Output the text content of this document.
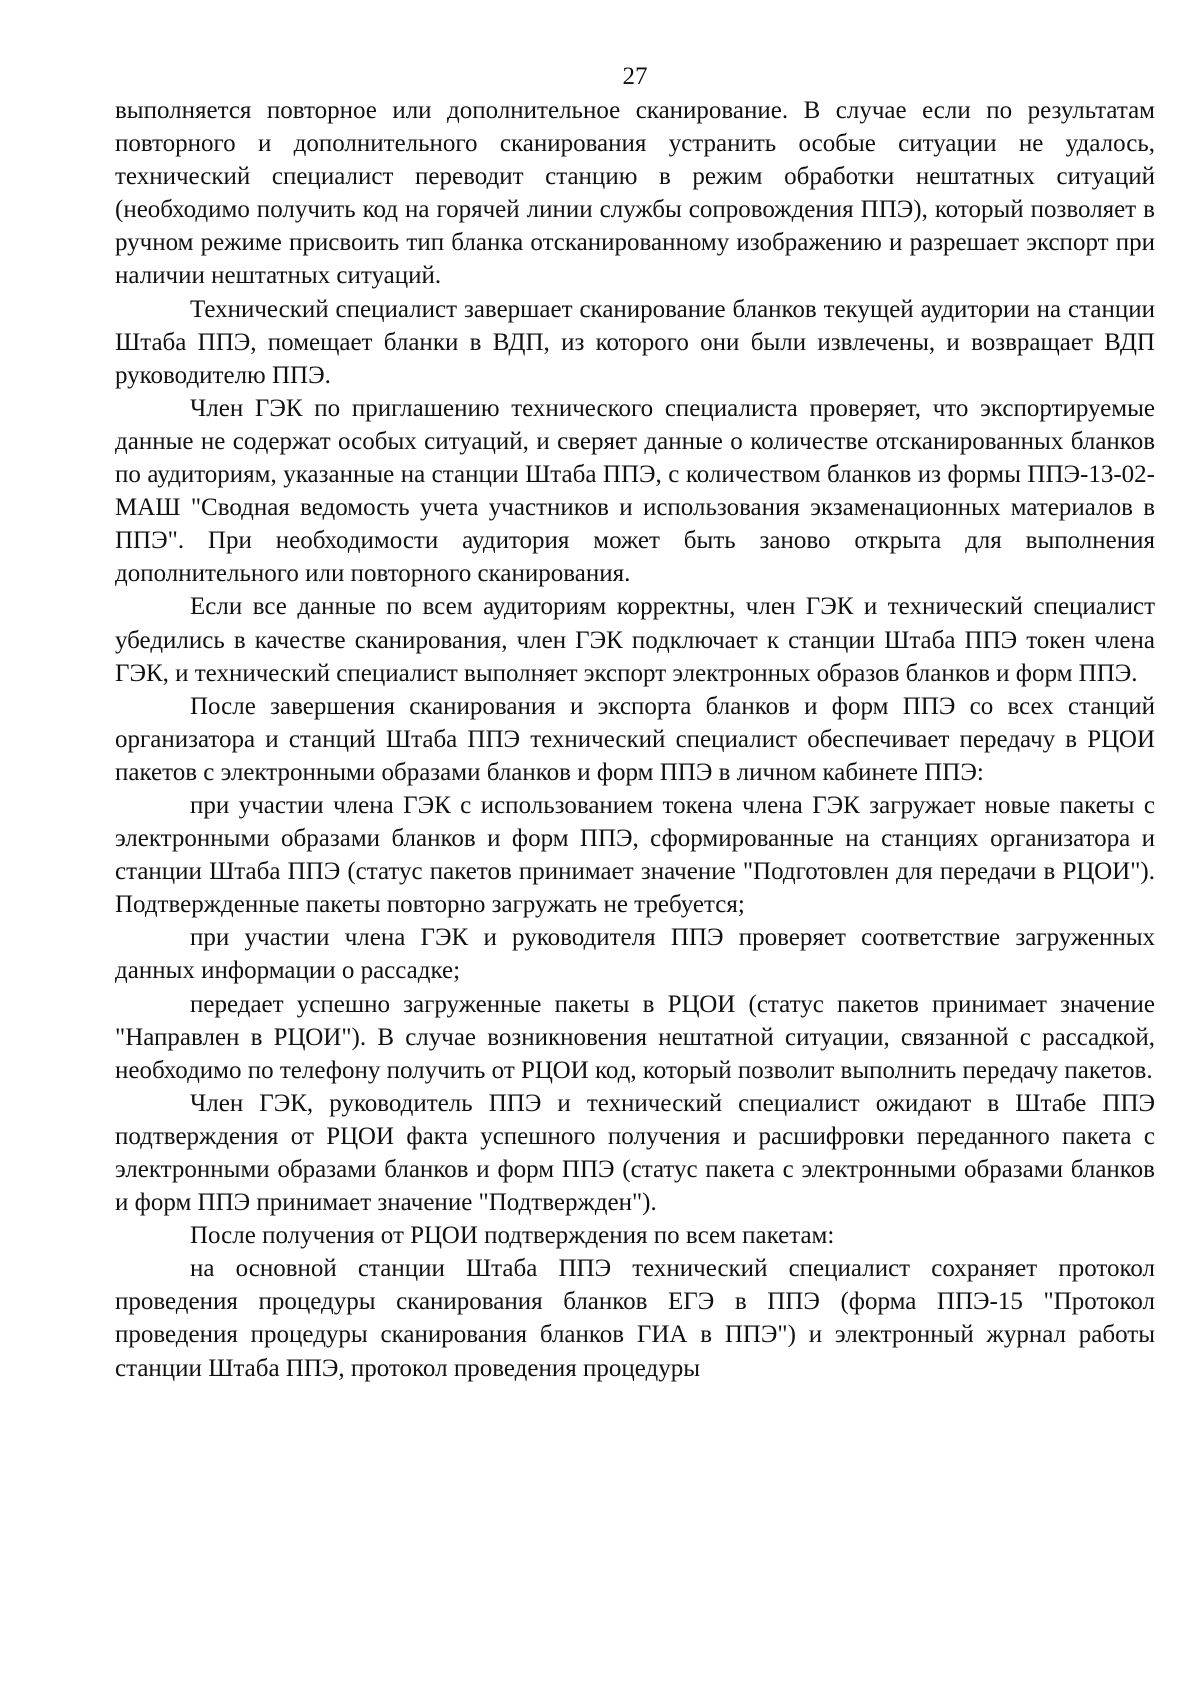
27

выполняется повторное или дополнительное сканирование. В случае если по результатам повторного и дополнительного сканирования устранить особые ситуации не удалось, технический специалист переводит станцию в режим обработки нештатных ситуаций (необходимо получить код на горячей линии службы сопровождения ППЭ), который позволяет в ручном режиме присвоить тип бланка отсканированному изображению и разрешает экспорт при наличии нештатных ситуаций.

Технический специалист завершает сканирование бланков текущей аудитории на станции Штаба ППЭ, помещает бланки в ВДП, из которого они были извлечены, и возвращает ВДП руководителю ППЭ.

Член ГЭК по приглашению технического специалиста проверяет, что экспортируемые данные не содержат особых ситуаций, и сверяет данные о количестве отсканированных бланков по аудиториям, указанные на станции Штаба ППЭ, с количеством бланков из формы ППЭ-13-02-МАШ "Сводная ведомость учета участников и использования экзаменационных материалов в ППЭ". При необходимости аудитория может быть заново открыта для выполнения дополнительного или повторного сканирования.

Если все данные по всем аудиториям корректны, член ГЭК и технический специалист убедились в качестве сканирования, член ГЭК подключает к станции Штаба ППЭ токен члена ГЭК, и технический специалист выполняет экспорт электронных образов бланков и форм ППЭ.

После завершения сканирования и экспорта бланков и форм ППЭ со всех станций организатора и станций Штаба ППЭ технический специалист обеспечивает передачу в РЦОИ пакетов с электронными образами бланков и форм ППЭ в личном кабинете ППЭ:

при участии члена ГЭК с использованием токена члена ГЭК загружает новые пакеты с электронными образами бланков и форм ППЭ, сформированные на станциях организатора и станции Штаба ППЭ (статус пакетов принимает значение "Подготовлен для передачи в РЦОИ"). Подтвержденные пакеты повторно загружать не требуется;

при участии члена ГЭК и руководителя ППЭ проверяет соответствие загруженных данных информации о рассадке;

передает успешно загруженные пакеты в РЦОИ (статус пакетов принимает значение "Направлен в РЦОИ"). В случае возникновения нештатной ситуации, связанной с рассадкой, необходимо по телефону получить от РЦОИ код, который позволит выполнить передачу пакетов.

Член ГЭК, руководитель ППЭ и технический специалист ожидают в Штабе ППЭ подтверждения от РЦОИ факта успешного получения и расшифровки переданного пакета с электронными образами бланков и форм ППЭ (статус пакета с электронными образами бланков и форм ППЭ принимает значение "Подтвержден").

После получения от РЦОИ подтверждения по всем пакетам:

на основной станции Штаба ППЭ технический специалист сохраняет протокол проведения процедуры сканирования бланков ЕГЭ в ППЭ (форма ППЭ-15 "Протокол проведения процедуры сканирования бланков ГИА в ППЭ") и электронный журнал работы станции Штаба ППЭ, протокол проведения процедуры
